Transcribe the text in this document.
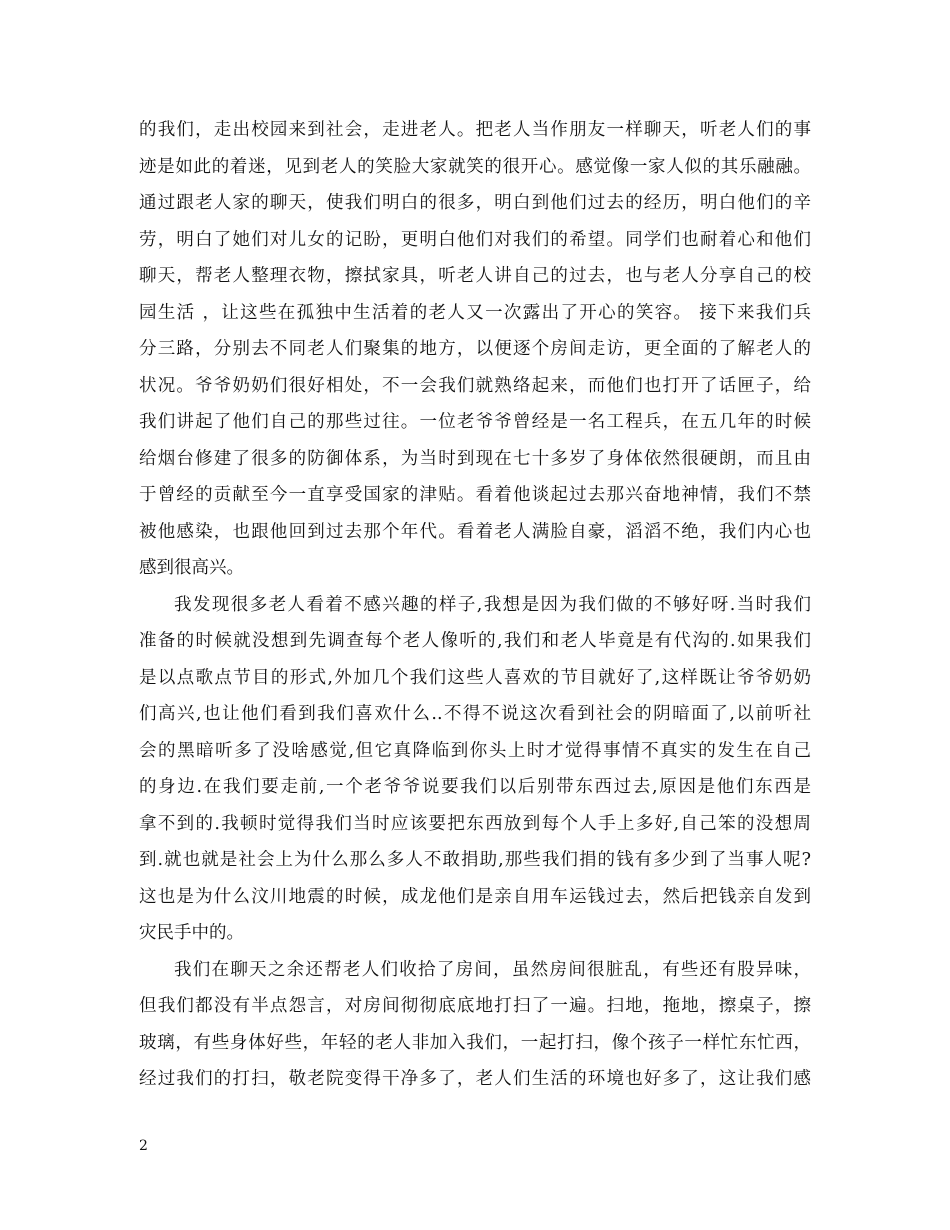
的我们，走出校园来到社会，走进老人。把老人当作朋友一样聊天，听老人们的事
迹是如此的着迷，见到老人的笑脸大家就笑的很开心。感觉像一家人似的其乐融融。
通过跟老人家的聊天，使我们明白的很多，明白到他们过去的经历，明白他们的辛
劳，明白了她们对儿女的记盼，更明白他们对我们的希望。同学们也耐着心和他们
聊天，帮老人整理衣物，擦拭家具，听老人讲自己的过去，也与老人分享自己的校
园生活 ，让这些在孤独中生活着的老人又一次露出了开心的笑容。 接下来我们兵
分三路，分别去不同老人们聚集的地方，以便逐个房间走访，更全面的了解老人的
状况。爷爷奶奶们很好相处，不一会我们就熟络起来，而他们也打开了话匣子，给
我们讲起了他们自己的那些过往。一位老爷爷曾经是一名工程兵，在五几年的时候
给烟台修建了很多的防御体系，为当时到现在七十多岁了身体依然很硬朗，而且由
于曾经的贡献至今一直享受国家的津贴。看着他谈起过去那兴奋地神情，我们不禁
被他感染，也跟他回到过去那个年代。看着老人满脸自豪，滔滔不绝，我们内心也
感到很高兴。
我发现很多老人看着不感兴趣的样子,我想是因为我们做的不够好呀.当时我们
准备的时候就没想到先调查每个老人像听的,我们和老人毕竟是有代沟的.如果我们
是以点歌点节目的形式,外加几个我们这些人喜欢的节目就好了,这样既让爷爷奶奶
们高兴,也让他们看到我们喜欢什么..不得不说这次看到社会的阴暗面了,以前听社
会的黑暗听多了没啥感觉,但它真降临到你头上时才觉得事情不真实的发生在自己
的身边.在我们要走前,一个老爷爷说要我们以后别带东西过去,原因是他们东西是
拿不到的.我顿时觉得我们当时应该要把东西放到每个人手上多好,自己笨的没想周
到.就也就是社会上为什么那么多人不敢捐助,那些我们捐的钱有多少到了当事人呢?
这也是为什么汶川地震的时候，成龙他们是亲自用车运钱过去，然后把钱亲自发到
灾民手中的。
我们在聊天之余还帮老人们收拾了房间，虽然房间很脏乱，有些还有股异味，
但我们都没有半点怨言，对房间彻彻底底地打扫了一遍。扫地，拖地，擦桌子，擦
玻璃，有些身体好些，年轻的老人非加入我们，一起打扫，像个孩子一样忙东忙西，
经过我们的打扫，敬老院变得干净多了，老人们生活的环境也好多了，这让我们感
2
